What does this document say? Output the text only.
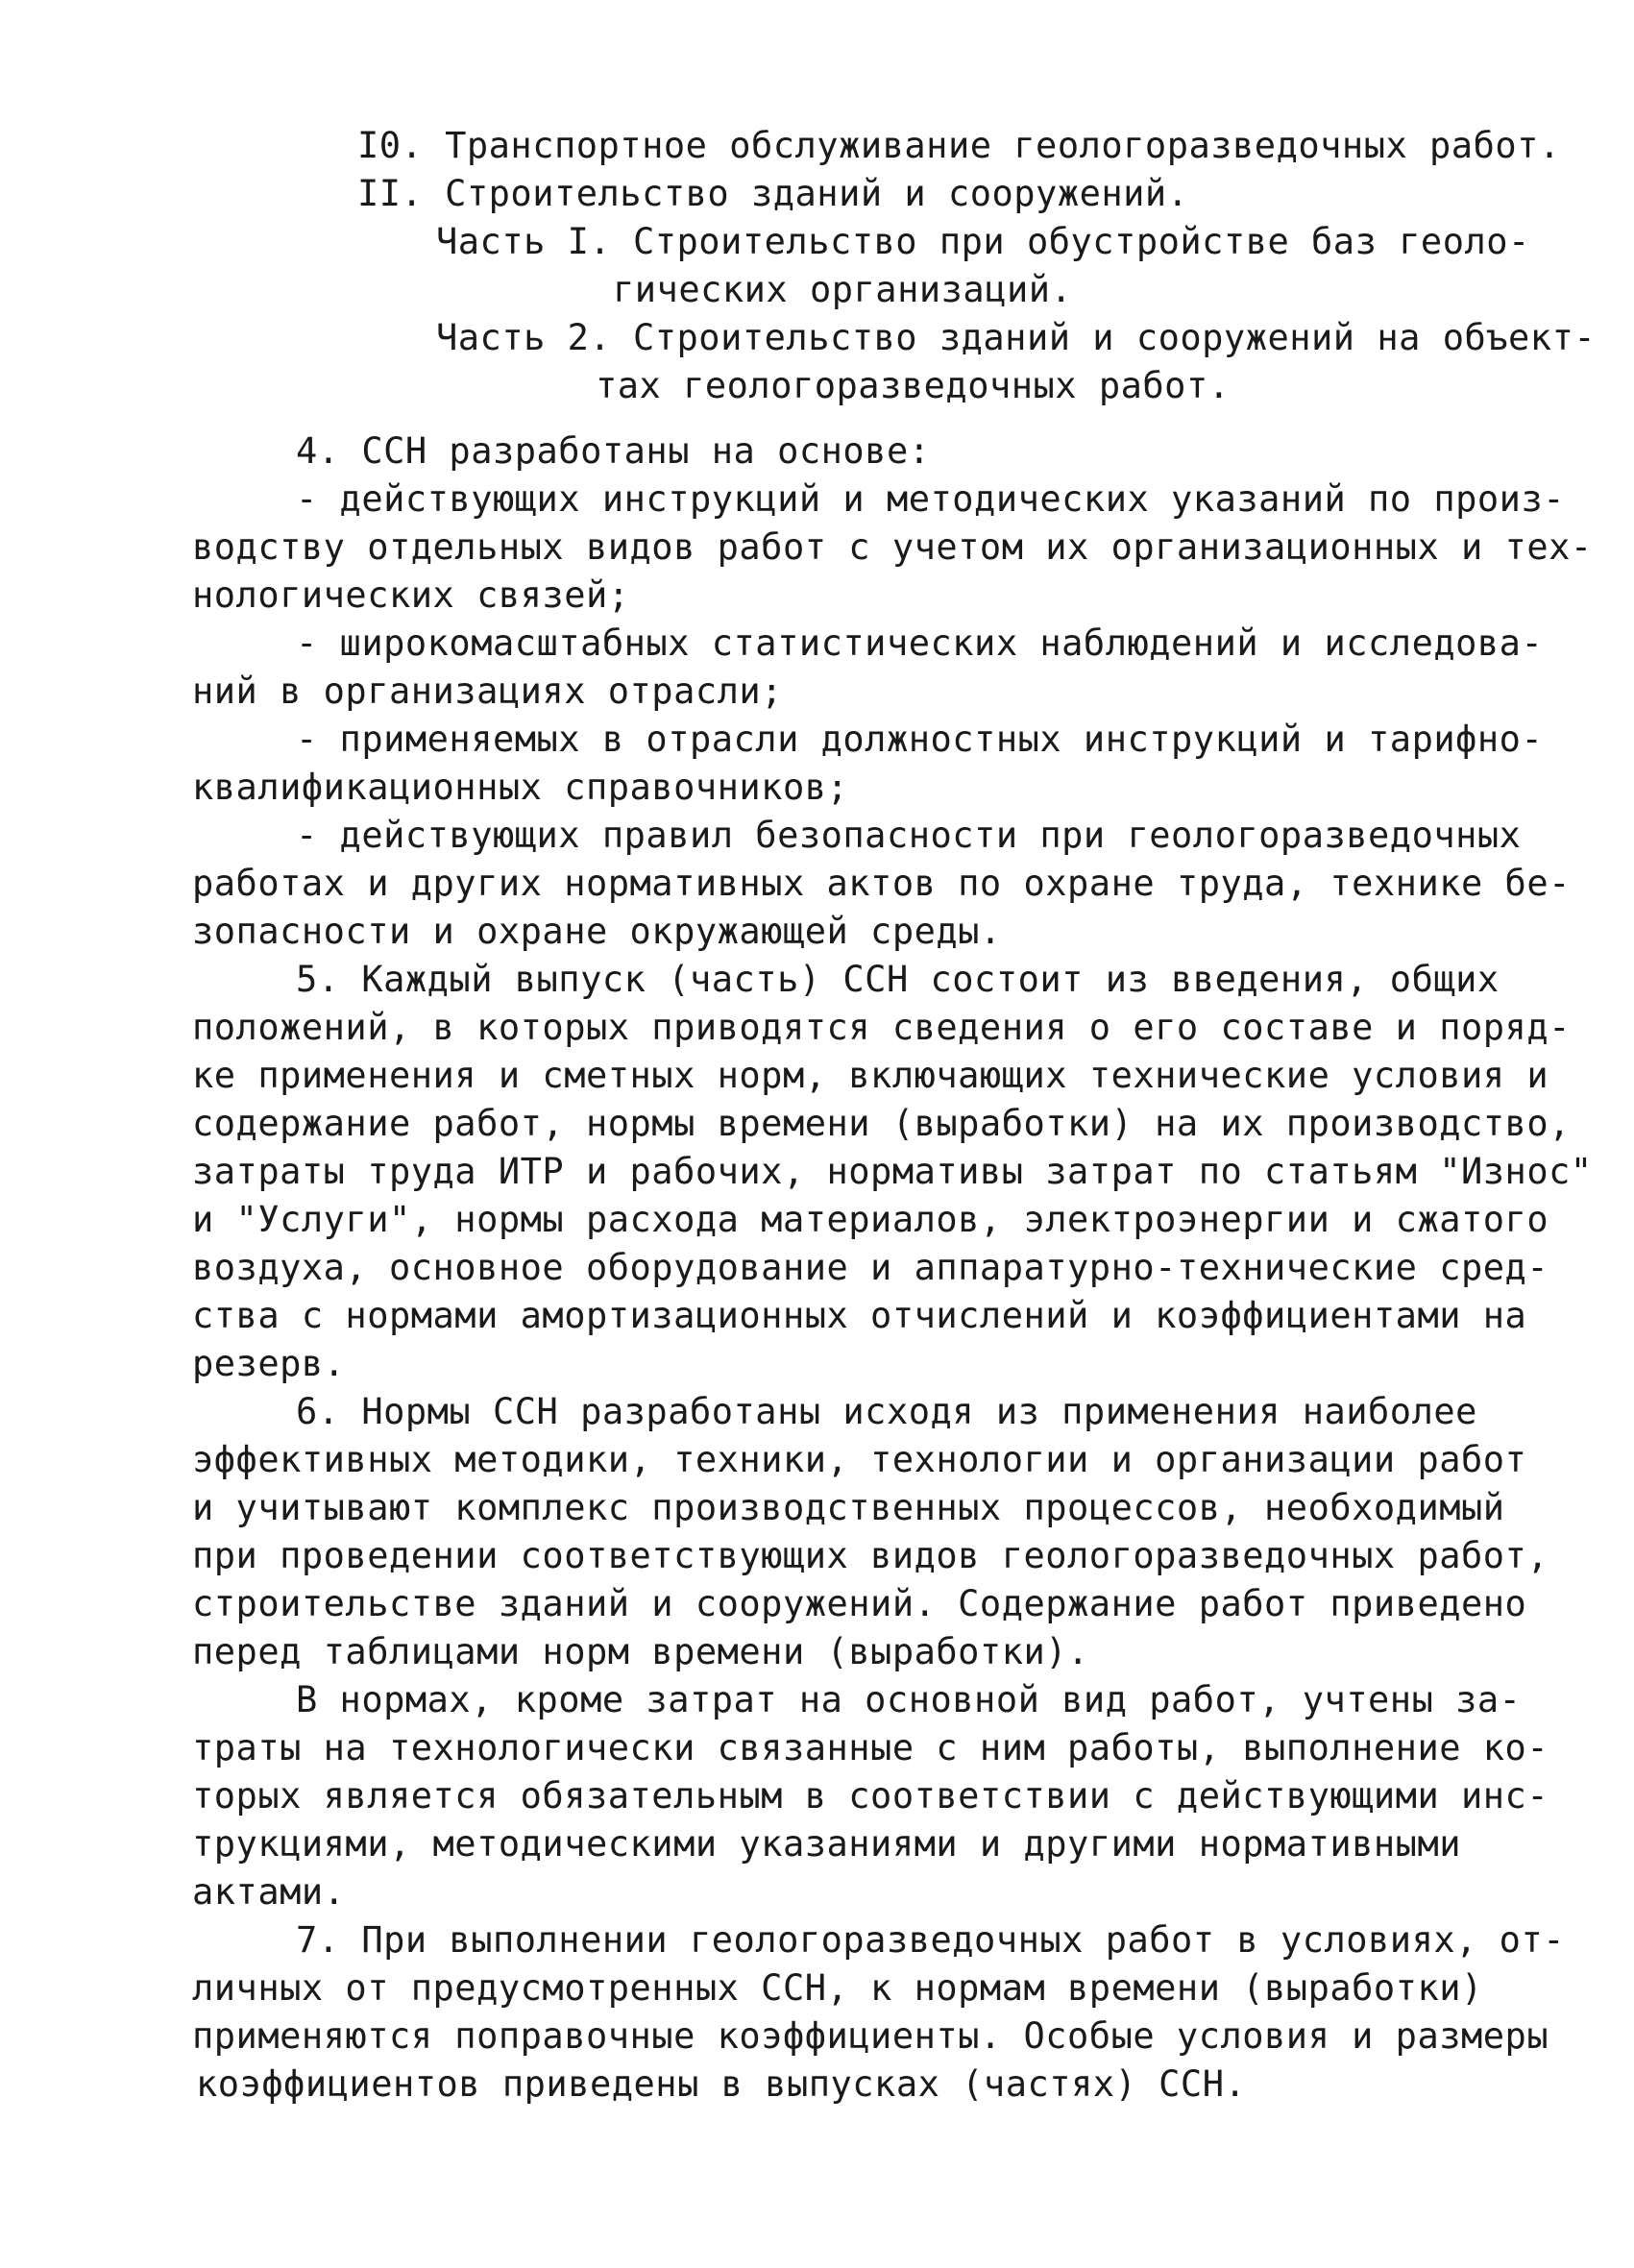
I0. Транспортное обслуживание геологоразведочных работ.
II. Строительство зданий и сооружений.
Часть I. Строительство при обустройстве баз геоло-
гических организаций.
Часть 2. Строительство зданий и сооружений на объект-
тах геологоразведочных работ.
4. ССН разработаны на основе:
- действующих инструкций и методических указаний по произ-
водству отдельных видов работ с учетом их организационных и тех-
нологических связей;
- широкомасштабных статистических наблюдений и исследова-
ний в организациях отрасли;
- применяемых в отрасли должностных инструкций и тарифно-
квалификационных справочников;
- действующих правил безопасности при геологоразведочных
работах и других нормативных актов по охране труда, технике бе-
зопасности и охране окружающей среды.
5. Каждый выпуск (часть) ССН состоит из введения, общих
положений, в которых приводятся сведения о его составе и поряд-
ке применения и сметных норм, включающих технические условия и
содержание работ, нормы времени (выработки) на их производство,
затраты труда ИТР и рабочих, нормативы затрат по статьям "Износ"
и "Услуги", нормы расхода материалов, электроэнергии и сжатого
воздуха, основное оборудование и аппаратурно-технические сред-
ства с нормами амортизационных отчислений и коэффициентами на
резерв.
6. Нормы ССН разработаны исходя из применения наиболее
эффективных методики, техники, технологии и организации работ
и учитывают комплекс производственных процессов, необходимый
при проведении соответствующих видов геологоразведочных работ,
строительстве зданий и сооружений. Содержание работ приведено
перед таблицами норм времени (выработки).
В нормах, кроме затрат на основной вид работ, учтены за-
траты на технологически связанные с ним работы, выполнение ко-
торых является обязательным в соответствии с действующими инс-
трукциями, методическими указаниями и другими нормативными
актами.
7. При выполнении геологоразведочных работ в условиях, от-
личных от предусмотренных ССН, к нормам времени (выработки)
применяются поправочные коэффициенты. Особые условия и размеры
коэффициентов приведены в выпусках (частях) ССН.
